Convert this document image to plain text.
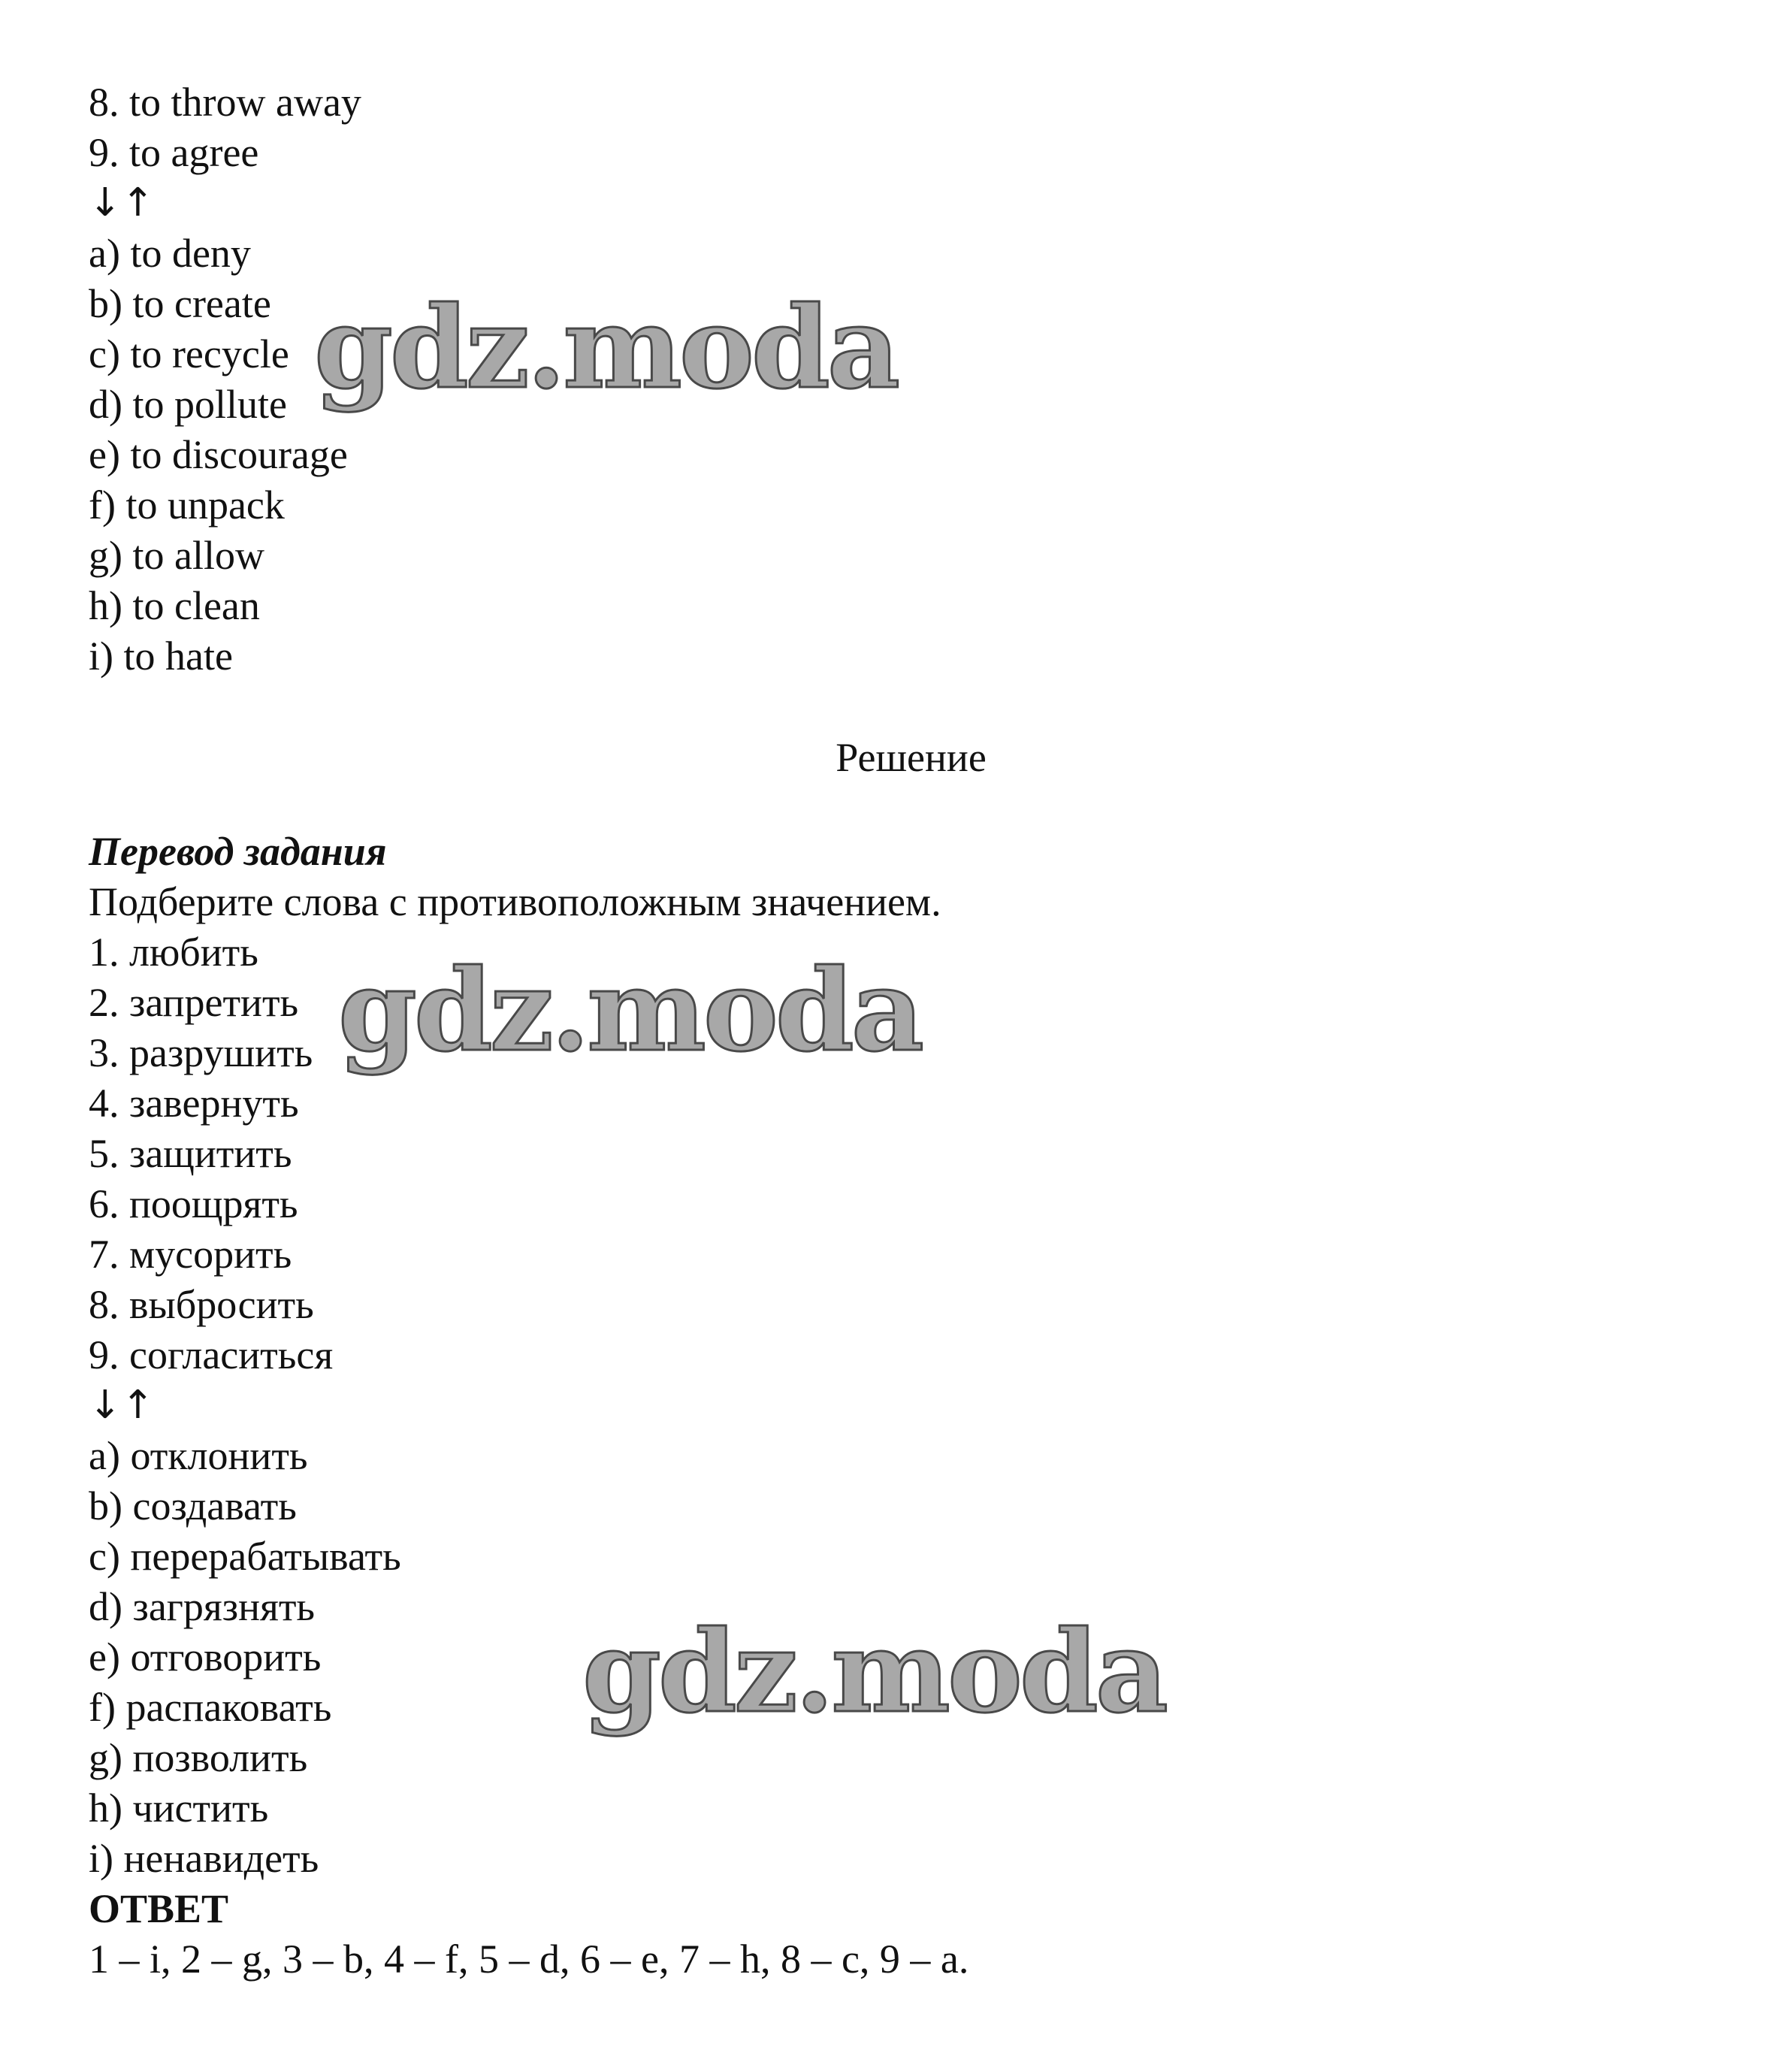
8. to throw away
9. to agree
↓↑
a) to deny
b) to create
c) to recycle
d) to pollute
e) to discourage
f) to unpack
g) to allow
h) to clean
i) to hate
Решение
Перевод задания
Подберите слова с противоположным значением.
1. любить
2. запретить
3. разрушить
4. завернуть
5. защитить
6. поощрять
7. мусорить
8. выбросить
9. согласиться
↓↑
a) отклонить
b) создавать
c) перерабатывать
d) загрязнять
e) отговорить
f) распаковать
g) позволить
h) чистить
i) ненавидеть
ОТВЕТ
1 – i, 2 – g, 3 – b, 4 – f, 5 – d, 6 – e, 7 – h, 8 – c, 9 – a.
gdz.moda
gdz.moda
gdz.moda
